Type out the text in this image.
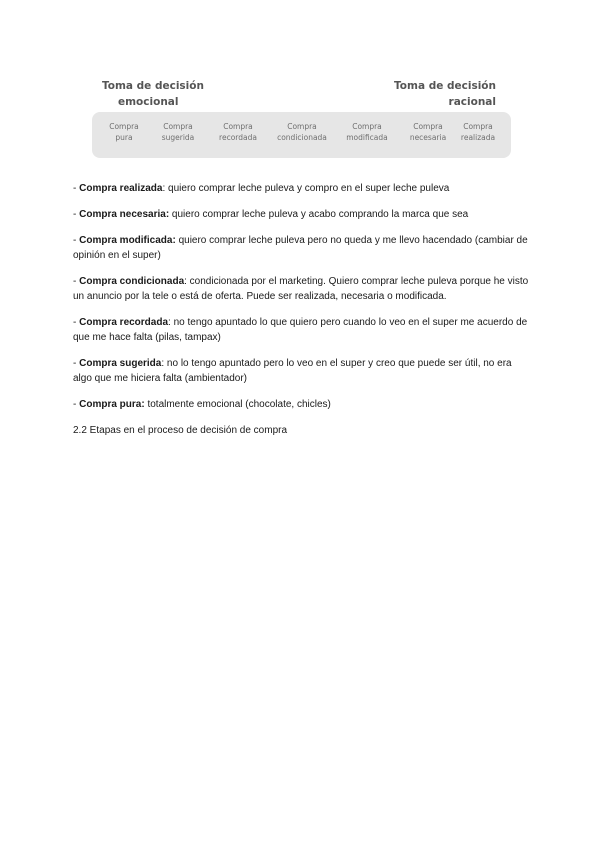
Toma de decisión
emocional
Toma de decisión
racional
Compra
pura
Compra
sugerida
Compra
recordada
Compra
condicionada
Compra
modificada
Compra
necesaria
Compra
realizada

- Compra realizada: quiero comprar leche puleva y compro en el super leche puleva

- Compra necesaria: quiero comprar leche puleva y acabo comprando la marca que sea

- Compra modificada: quiero comprar leche puleva pero no queda y me llevo hacendado (cambiar de opinión en el super)

- Compra condicionada: condicionada por el marketing. Quiero comprar leche puleva porque he visto un anuncio por la tele o está de oferta. Puede ser realizada, necesaria o modificada.

- Compra recordada: no tengo apuntado lo que quiero pero cuando lo veo en el super me acuerdo de que me hace falta (pilas, tampax)

- Compra sugerida: no lo tengo apuntado pero lo veo en el super y creo que puede ser útil, no era algo que me hiciera falta (ambientador)

- Compra pura: totalmente emocional (chocolate, chicles)

2.2 Etapas en el proceso de decisión de compra
